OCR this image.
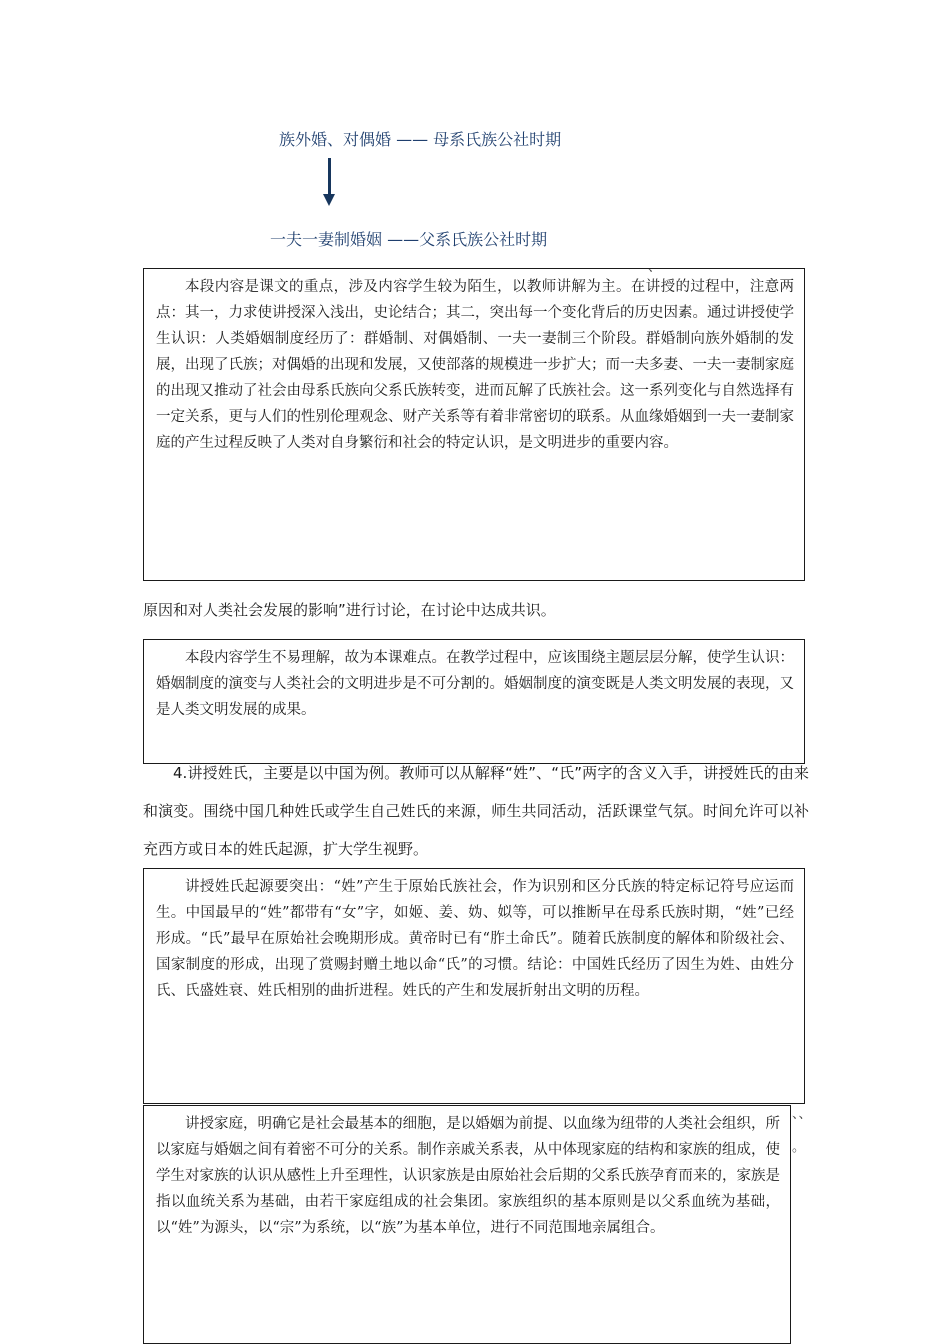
族外婚、对偶婚 —— 母系氏族公社时期
一夫一妻制婚姻 ——父系氏族公社时期
、
本段内容是课文的重点，涉及内容学生较为陌生，以教师讲解为主。在讲授的过程中，注意两点：其一，力求使讲授深入浅出，史论结合；其二，突出每一个变化背后的历史因素。通过讲授使学生认识：人类婚姻制度经历了：群婚制、对偶婚制、一夫一妻制三个阶段。群婚制向族外婚制的发展，出现了氏族；对偶婚的出现和发展，又使部落的规模进一步扩大；而一夫多妻、一夫一妻制家庭的出现又推动了社会由母系氏族向父系氏族转变，进而瓦解了氏族社会。这一系列变化与自然选择有一定关系，更与人们的性别伦理观念、财产关系等有着非常密切的联系。从血缘婚姻到一夫一妻制家庭的产生过程反映了人类对自身繁衍和社会的特定认识，是文明进步的重要内容。
原因和对人类社会发展的影响”进行讨论，在讨论中达成共识。
本段内容学生不易理解，故为本课难点。在教学过程中，应该围绕主题层层分解，使学生认识：婚姻制度的演变与人类社会的文明进步是不可分割的。婚姻制度的演变既是人类文明发展的表现，又是人类文明发展的成果。
4.讲授姓氏，主要是以中国为例。教师可以从解释“姓”、“氏”两字的含义入手，讲授姓氏的由来和演变。围绕中国几种姓氏或学生自己姓氏的来源，师生共同活动，活跃课堂气氛。时间允许可以补充西方或日本的姓氏起源，扩大学生视野。
讲授姓氏起源要突出：“姓”产生于原始氏族社会，作为识别和区分氏族的特定标记符号应运而生。中国最早的“姓”都带有“女”字，如姬、姜、妫、姒等，可以推断早在母系氏族时期，“姓”已经形成。“氏”最早在原始社会晚期形成。黄帝时已有“胙土命氏”。随着氏族制度的解体和阶级社会、国家制度的形成，出现了赏赐封赠土地以命“氏”的习惯。结论：中国姓氏经历了因生为姓、由姓分氏、氏盛姓衰、姓氏相别的曲折进程。姓氏的产生和发展折射出文明的历程。
讲授家庭，明确它是社会最基本的细胞，是以婚姻为前提、以血缘为纽带的人类社会组织，所以家庭与婚姻之间有着密不可分的关系。制作亲戚关系表，从中体现家庭的结构和家族的组成，使学生对家族的认识从感性上升至理性，认识家族是由原始社会后期的父系氏族孕育而来的，家族是指以血统关系为基础，由若干家庭组成的社会集团。家族组织的基本原则是以父系血统为基础，以“姓”为源头，以“宗”为系统，以“族”为基本单位，进行不同范围地亲属组合。
、、
。
